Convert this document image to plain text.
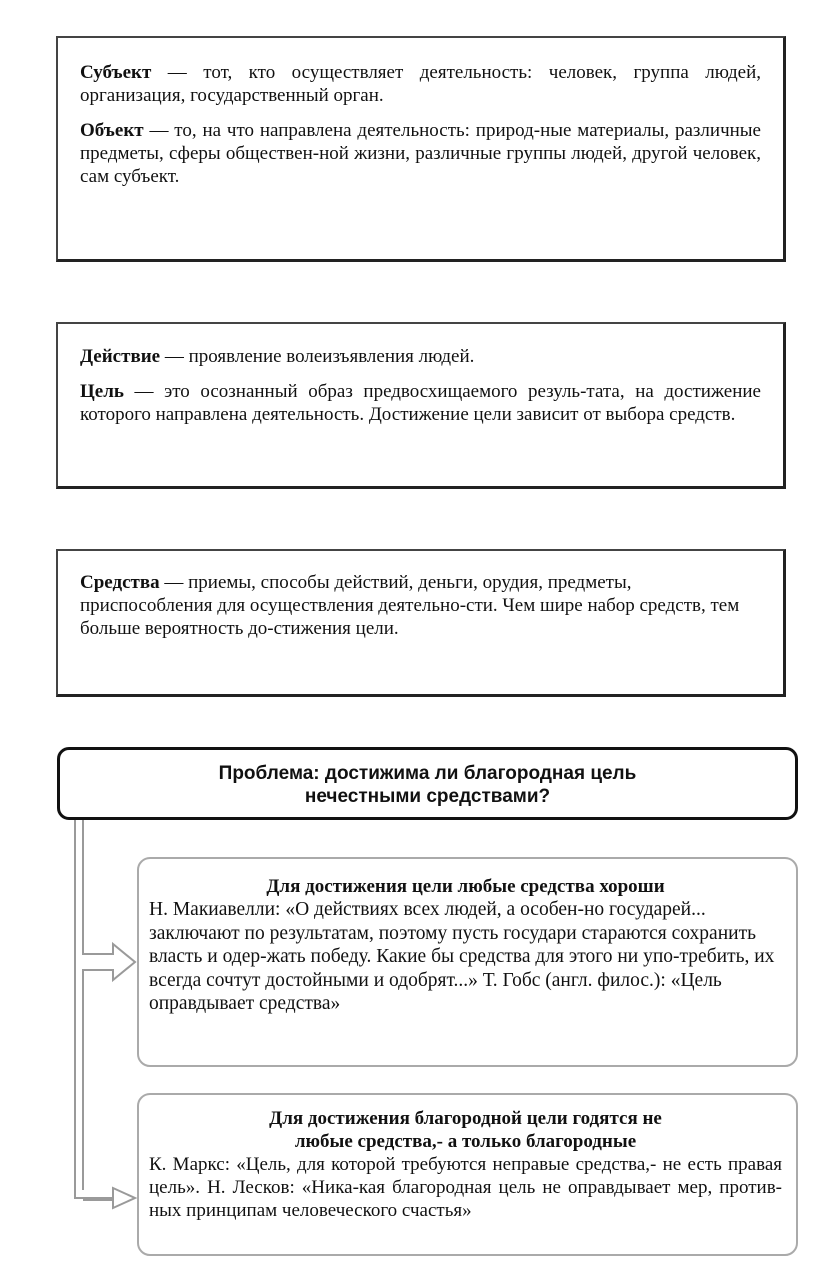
Субъект — тот, кто осуществляет деятельность: человек, группа людей, организация, государственный орган.

Объект — то, на что направлена деятельность: природ-ные материалы, различные предметы, сферы обществен-ной жизни, различные группы людей, другой человек, сам субъект.

Действие — проявление волеизъявления людей.

Цель — это осознанный образ предвосхищаемого резуль-тата, на достижение которого направлена деятельность. Достижение цели зависит от выбора средств.

Средства — приемы, способы действий, деньги, орудия, предметы, приспособления для осуществления деятельно-сти. Чем шире набор средств, тем больше вероятность до-стижения цели.

Проблема: достижима ли благородная цель
нечестными средствами?
Для достижения цели любые средства хороши
Н. Макиавелли: «О действиях всех людей, а особен-но государей... заключают по результатам, поэтому пусть государи стараются сохранить власть и одер-жать победу. Какие бы средства для этого ни упо-требить, их всегда сочтут достойными и одобрят...» Т. Гобс (англ. филос.): «Цель оправдывает средства»
Для достижения благородной цели годятся не
любые средства,- а только благородные
К. Маркс: «Цель, для которой требуются неправые средства,- не есть правая цель». Н. Лесков: «Ника-кая благородная цель не оправдывает мер, против-ных принципам человеческого счастья»
